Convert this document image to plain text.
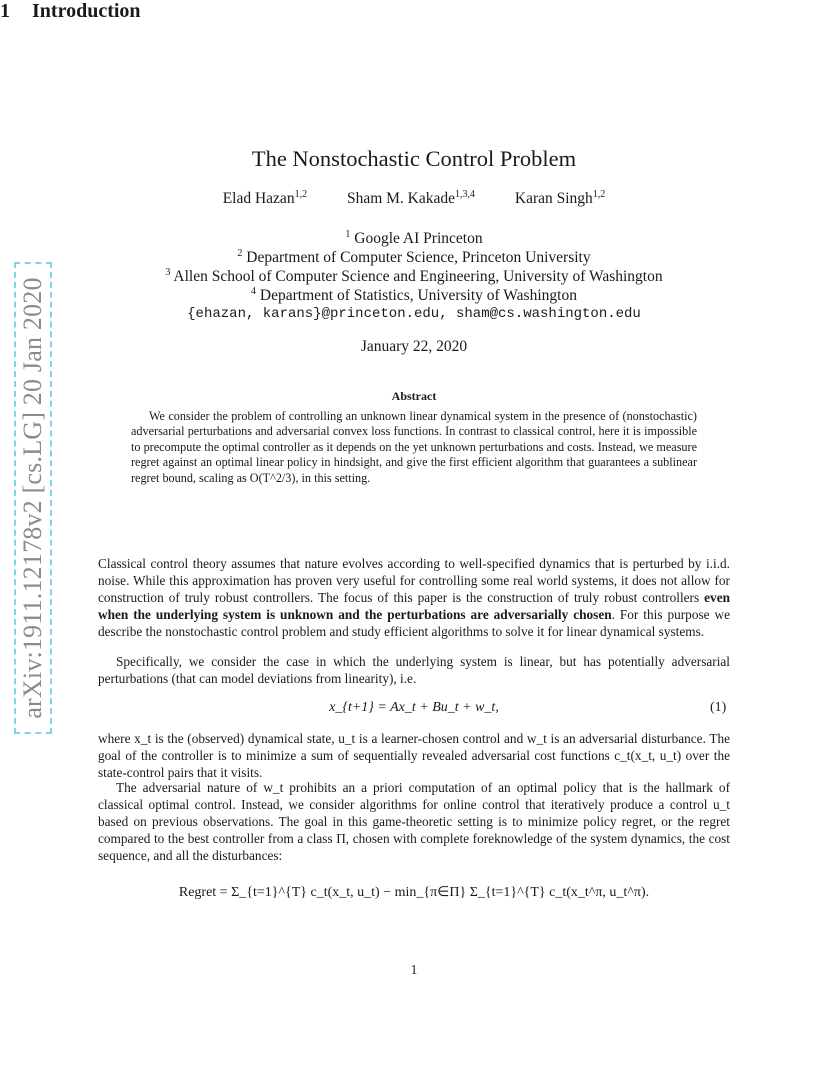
arXiv:1911.12178v2 [cs.LG] 20 Jan 2020
The Nonstochastic Control Problem
Elad Hazan$^{1,2}$	Sham M. Kakade$^{1,3,4}$	Karan Singh$^{1,2}$
$^1$ Google AI Princeton
$^2$ Department of Computer Science, Princeton University
$^3$ Allen School of Computer Science and Engineering, University of Washington
$^4$ Department of Statistics, University of Washington
{ehazan, karans}@princeton.edu, sham@cs.washington.edu
January 22, 2020
Abstract
We consider the problem of controlling an unknown linear dynamical system in the presence of (nonstochastic) adversarial perturbations and adversarial convex loss functions. In contrast to classical control, here it is impossible to precompute the optimal controller as it depends on the yet unknown perturbations and costs. Instead, we measure regret against an optimal linear policy in hindsight, and give the first efficient algorithm that guarantees a sublinear regret bound, scaling as O(T^2/3), in this setting.
1 Introduction
Classical control theory assumes that nature evolves according to well-specified dynamics that is perturbed by i.i.d. noise. While this approximation has proven very useful for controlling some real world systems, it does not allow for construction of truly robust controllers. The focus of this paper is the construction of truly robust controllers even when the underlying system is unknown and the perturbations are adversarially chosen. For this purpose we describe the nonstochastic control problem and study efficient algorithms to solve it for linear dynamical systems.
Specifically, we consider the case in which the underlying system is linear, but has potentially adversarial perturbations (that can model deviations from linearity), i.e.
x_{t+1} = Ax_t + Bu_t + w_t,	(1)
where x_t is the (observed) dynamical state, u_t is a learner-chosen control and w_t is an adversarial disturbance. The goal of the controller is to minimize a sum of sequentially revealed adversarial cost functions c_t(x_t, u_t) over the state-control pairs that it visits.
The adversarial nature of w_t prohibits an a priori computation of an optimal policy that is the hallmark of classical optimal control. Instead, we consider algorithms for online control that iteratively produce a control u_t based on previous observations. The goal in this game-theoretic setting is to minimize policy regret, or the regret compared to the best controller from a class Π, chosen with complete foreknowledge of the system dynamics, the cost sequence, and all the disturbances:
Regret = Σ_{t=1}^{T} c_t(x_t, u_t) − min_{π∈Π} Σ_{t=1}^{T} c_t(x_t^π, u_t^π).
1
